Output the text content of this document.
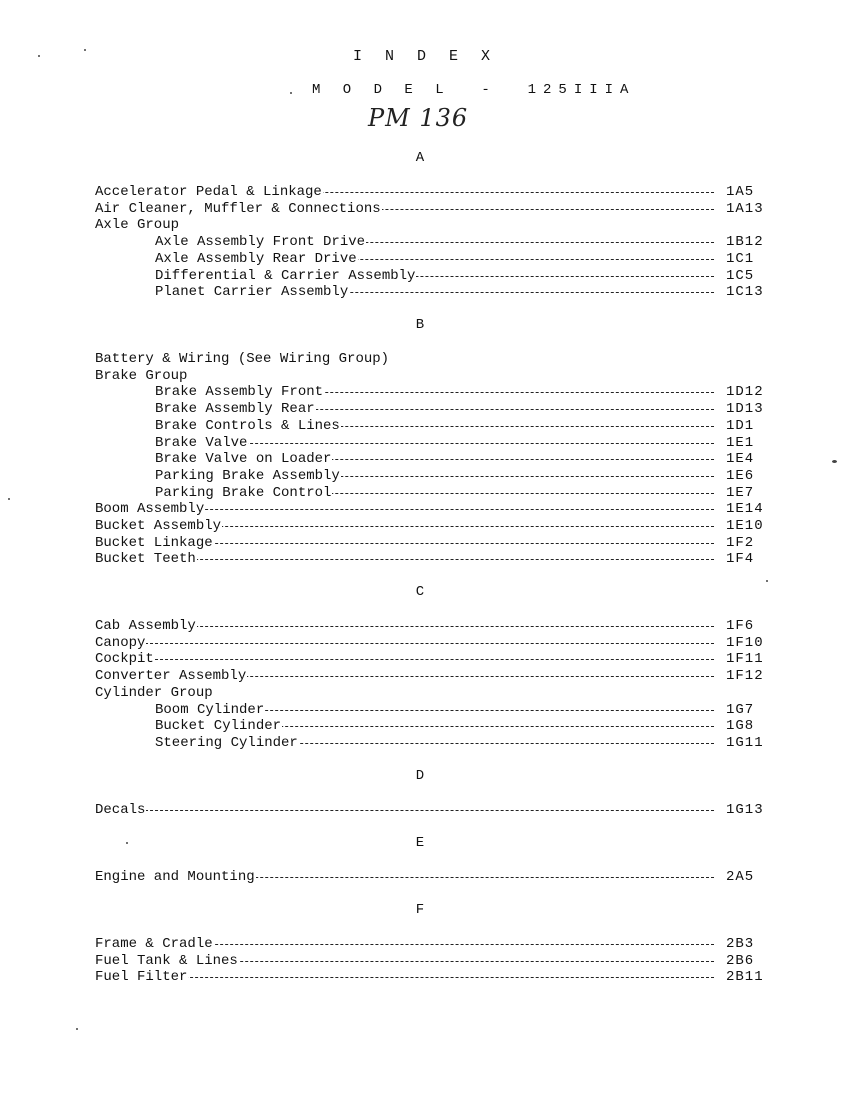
I N D E X
M O D E L  -  125IIIA
PM 136
A
Accelerator Pedal & Linkage	1A5
Air Cleaner, Muffler & Connections	1A13
Axle Group
Axle Assembly Front Drive	1B12
Axle Assembly Rear Drive	1C1
Differential & Carrier Assembly	1C5
Planet Carrier Assembly	1C13
B
Battery & Wiring (See Wiring Group)
Brake Group
Brake Assembly Front	1D12
Brake Assembly Rear	1D13
Brake Controls & Lines	1D1
Brake Valve	1E1
Brake Valve on Loader	1E4
Parking Brake Assembly	1E6
Parking Brake Control	1E7
Boom Assembly	1E14
Bucket Assembly	1E10
Bucket Linkage	1F2
Bucket Teeth	1F4
C
Cab Assembly	1F6
Canopy	1F10
Cockpit	1F11
Converter Assembly	1F12
Cylinder Group
Boom Cylinder	1G7
Bucket Cylinder	1G8
Steering Cylinder	1G11
D
Decals	1G13
E
Engine and Mounting	2A5
F
Frame & Cradle	2B3
Fuel Tank & Lines	2B6
Fuel Filter	2B11
